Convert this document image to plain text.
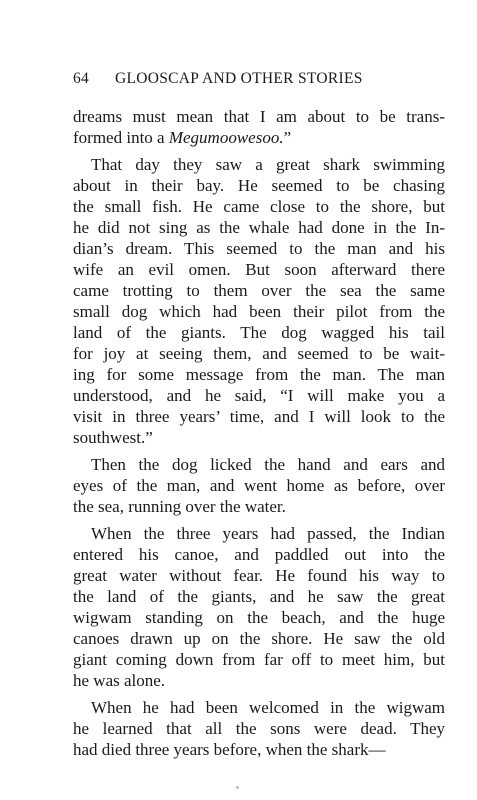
64	GLOOSCAP AND OTHER STORIES
dreams must mean that I am about to be trans-
formed into a Megumoowesoo.”
That day they saw a great shark swimming
about in their bay. He seemed to be chasing
the small fish. He came close to the shore, but
he did not sing as the whale had done in the In-
dian’s dream. This seemed to the man and his
wife an evil omen. But soon afterward there
came trotting to them over the sea the same
small dog which had been their pilot from the
land of the giants. The dog wagged his tail
for joy at seeing them, and seemed to be wait-
ing for some message from the man. The man
understood, and he said, “I will make you a
visit in three years’ time, and I will look to the
southwest.”
Then the dog licked the hand and ears and
eyes of the man, and went home as before, over
the sea, running over the water.
When the three years had passed, the Indian
entered his canoe, and paddled out into the
great water without fear. He found his way to
the land of the giants, and he saw the great
wigwam standing on the beach, and the huge
canoes drawn up on the shore. He saw the old
giant coming down from far off to meet him, but
he was alone.
When he had been welcomed in the wigwam
he learned that all the sons were dead. They
had died three years before, when the shark—
